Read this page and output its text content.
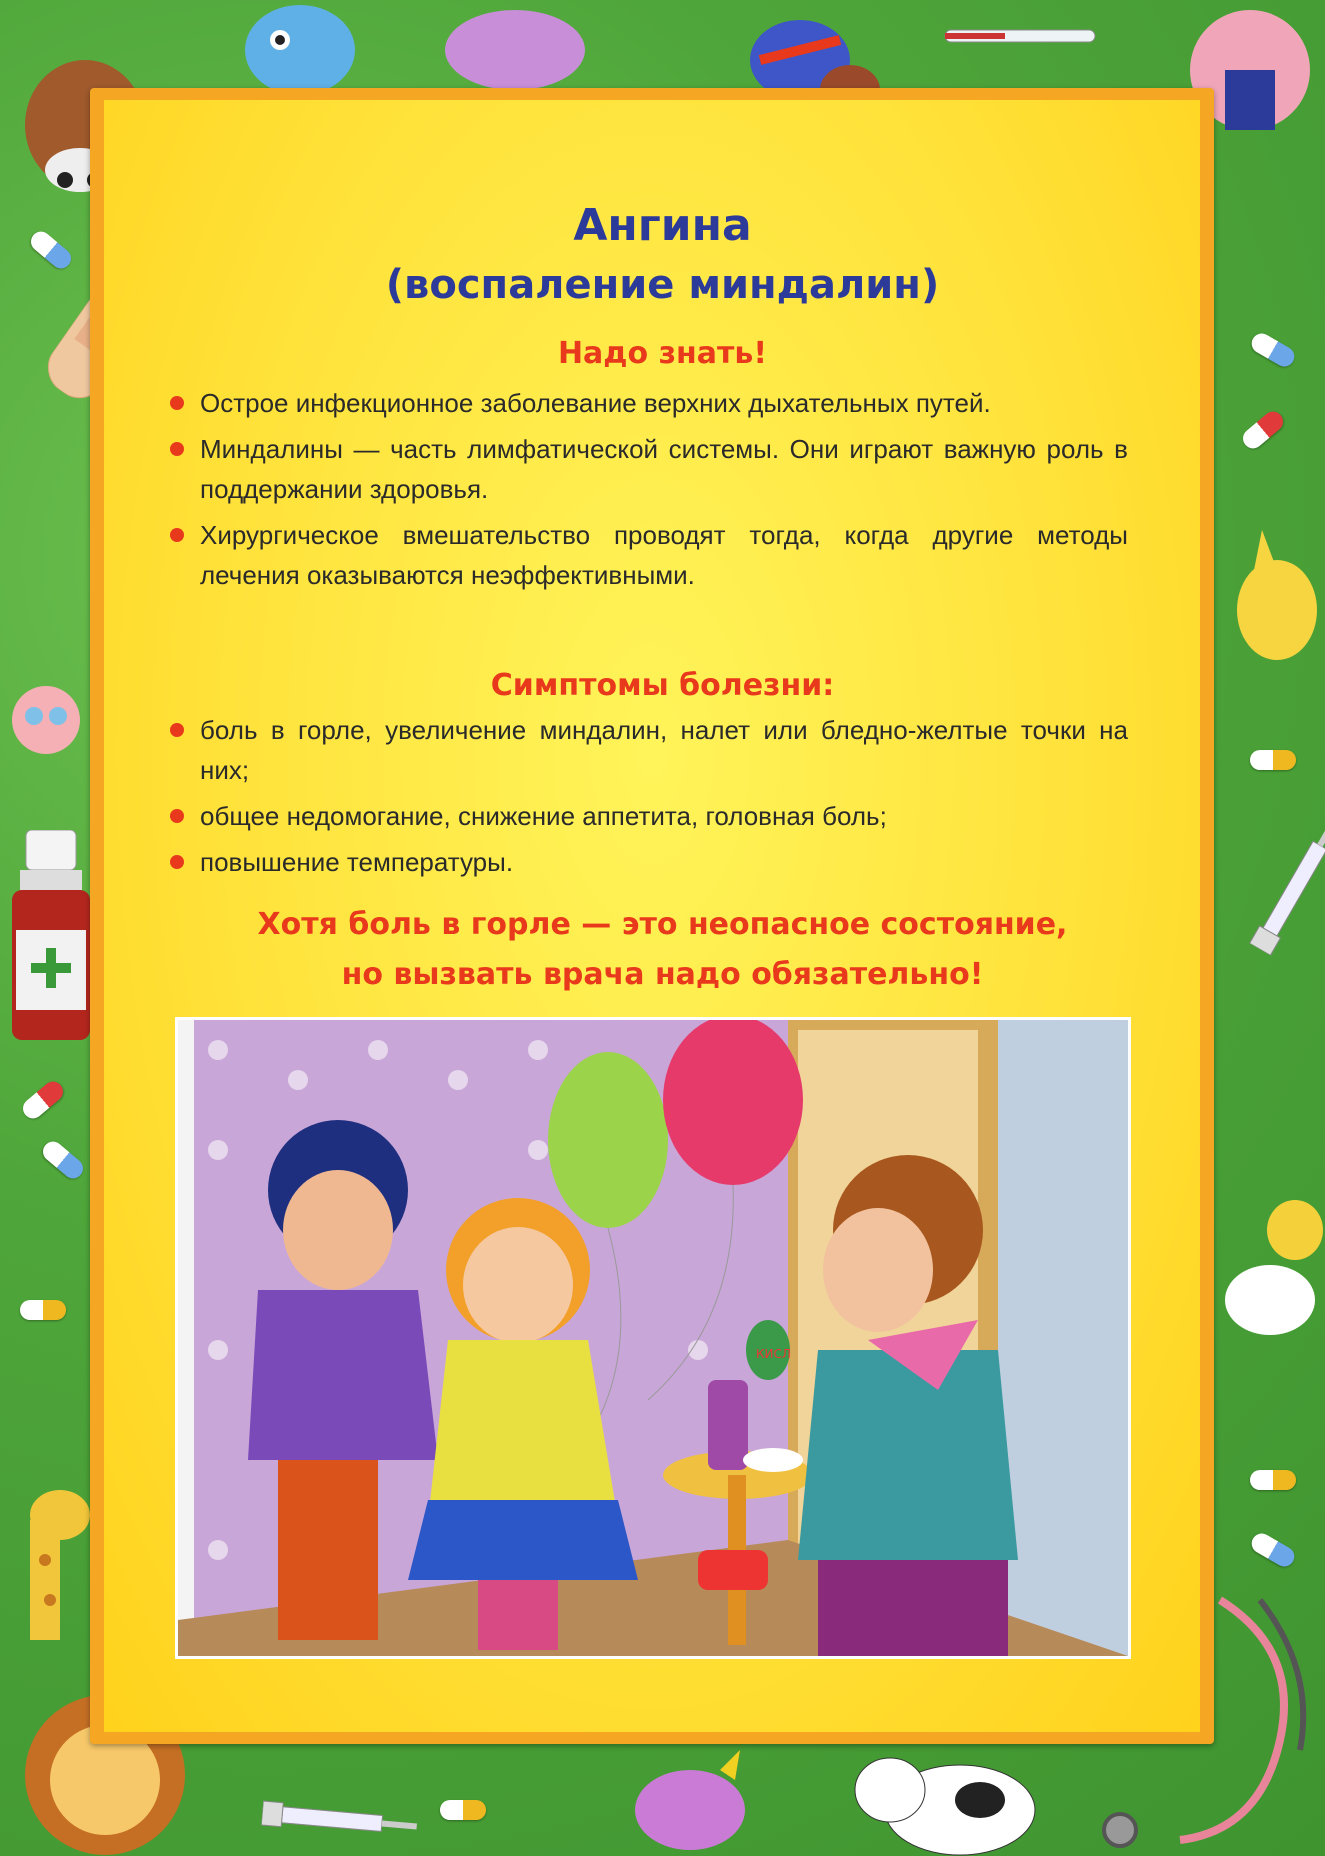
Ангина
(воспаление миндалин)
Надо знать!
Острое инфекционное заболевание верхних дыхательных путей.
Миндалины — часть лимфатической системы. Они играют важную роль в поддержании здоровья.
Хирургическое вмешательство проводят тогда, когда другие методы лечения оказываются неэффективными.
Симптомы болезни:
боль в горле, увеличение миндалин, налет или бледно-желтые точки на них;
общее недомогание, снижение аппетита, головная боль;
повышение температуры.
Хотя боль в горле — это неопасное состояние,
но вызвать врача надо обязательно!
КИСЛ
